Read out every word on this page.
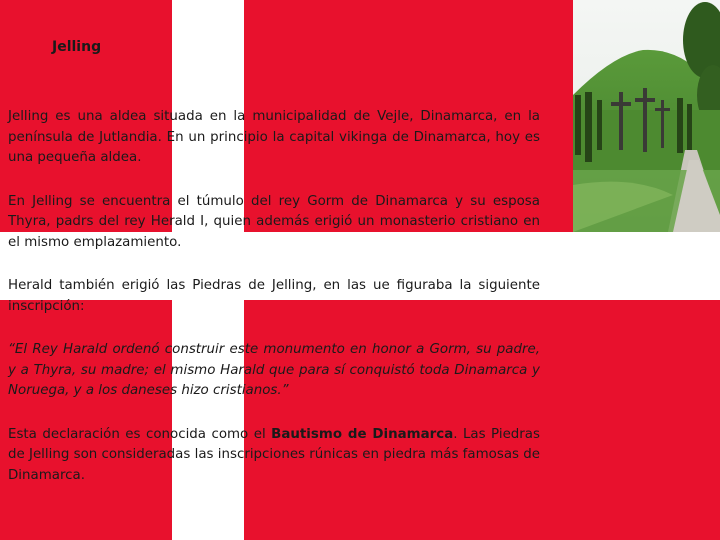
Jelling

Jelling es una aldea situada en la municipalidad de Vejle, Dinamarca, en la península de Jutlandia. En un principio la capital vikinga de Dinamarca, hoy es una pequeña aldea.

En Jelling se encuentra el túmulo del rey Gorm de Dinamarca y su esposa Thyra, padrs del rey Herald I, quien además erigió un monasterio cristiano en el mismo emplazamiento.

Herald también erigió las Piedras de Jelling, en las ue figuraba la siguiente inscripción:

“El Rey Harald ordenó construir este monumento en honor a Gorm, su padre, y a Thyra, su madre; el mismo Harald que para sí conquistó toda Dinamarca y Noruega, y a los daneses hizo cristianos.”

Esta declaración es conocida como el Bautismo de Dinamarca. Las Piedras de Jelling son consideradas las inscripciones rúnicas en piedra más famosas de Dinamarca.
